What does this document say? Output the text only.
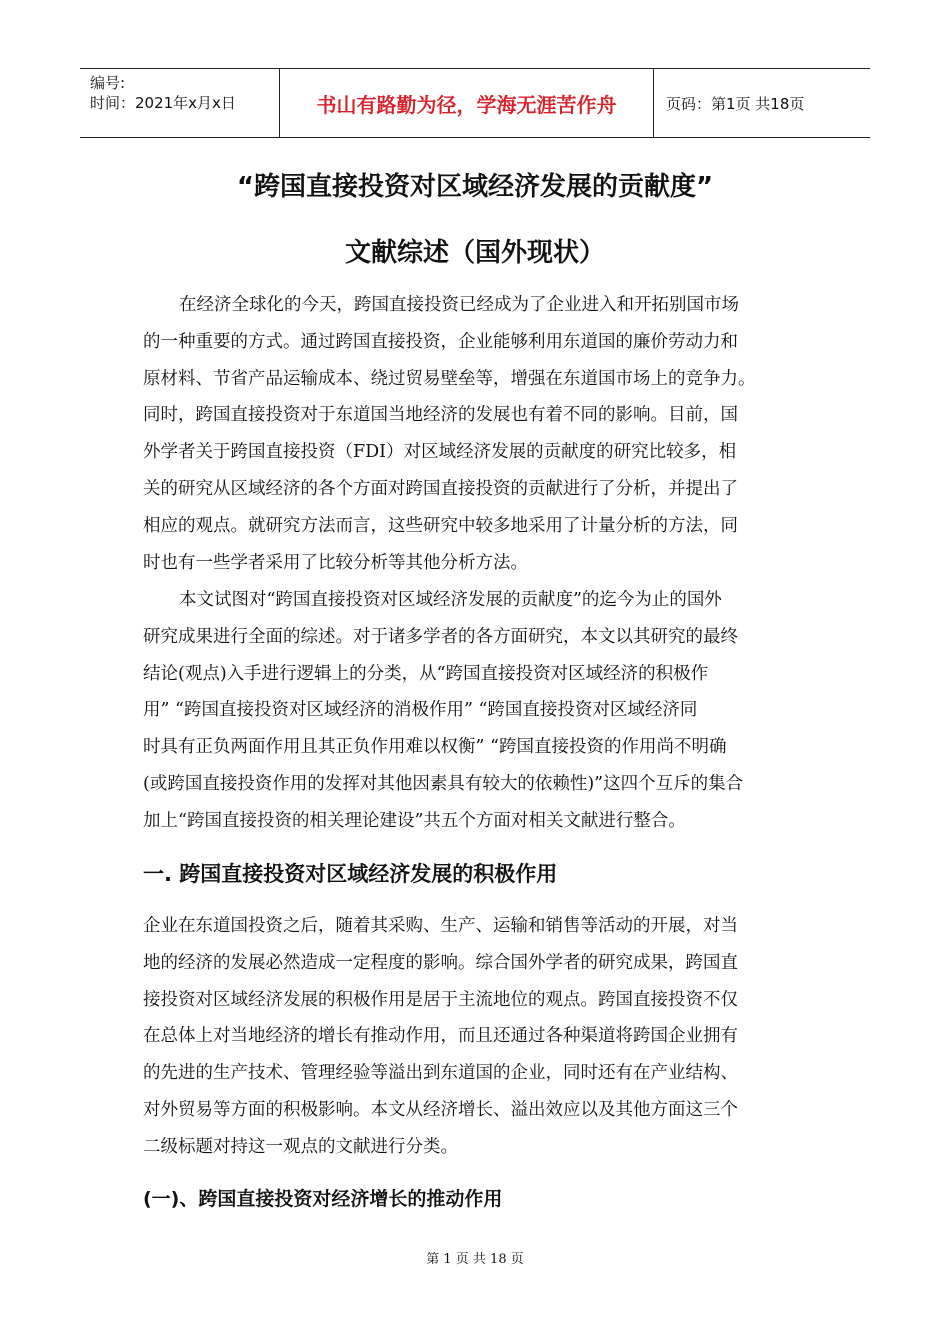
编号:
时间：2021年x月x日	书山有路勤为径，学海无涯苦作舟	页码：第1页 共18页
“跨国直接投资对区域经济发展的贡献度”
文献综述（国外现状）
在经济全球化的今天，跨国直接投资已经成为了企业进入和开拓别国市场
的一种重要的方式。通过跨国直接投资，企业能够利用东道国的廉价劳动力和
原材料、节省产品运输成本、绕过贸易壁垒等，增强在东道国市场上的竞争力。
同时，跨国直接投资对于东道国当地经济的发展也有着不同的影响。目前，国
外学者关于跨国直接投资（FDI）对区域经济发展的贡献度的研究比较多，相
关的研究从区域经济的各个方面对跨国直接投资的贡献进行了分析，并提出了
相应的观点。就研究方法而言，这些研究中较多地采用了计量分析的方法，同
时也有一些学者采用了比较分析等其他分析方法。
本文试图对“跨国直接投资对区域经济发展的贡献度”的迄今为止的国外
研究成果进行全面的综述。对于诸多学者的各方面研究，本文以其研究的最终
结论(观点)入手进行逻辑上的分类，从“跨国直接投资对区域经济的积极作
用” “跨国直接投资对区域经济的消极作用” “跨国直接投资对区域经济同
时具有正负两面作用且其正负作用难以权衡” “跨国直接投资的作用尚不明确
(或跨国直接投资作用的发挥对其他因素具有较大的依赖性)”这四个互斥的集合
加上“跨国直接投资的相关理论建设”共五个方面对相关文献进行整合。
一. 跨国直接投资对区域经济发展的积极作用
企业在东道国投资之后，随着其采购、生产、运输和销售等活动的开展，对当
地的经济的发展必然造成一定程度的影响。综合国外学者的研究成果，跨国直
接投资对区域经济发展的积极作用是居于主流地位的观点。跨国直接投资不仅
在总体上对当地经济的增长有推动作用，而且还通过各种渠道将跨国企业拥有
的先进的生产技术、管理经验等溢出到东道国的企业，同时还有在产业结构、
对外贸易等方面的积极影响。本文从经济增长、溢出效应以及其他方面这三个
二级标题对持这一观点的文献进行分类。
(一)、跨国直接投资对经济增长的推动作用
第 1 页 共 18 页
